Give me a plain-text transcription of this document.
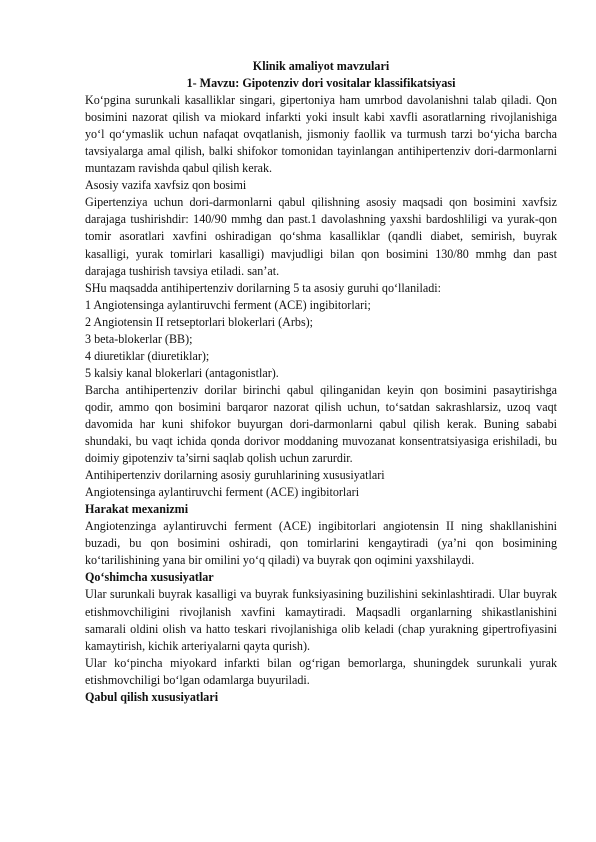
Klinik amaliyot mavzulari

1- Mavzu: Gipotenziv dori vositalar klassifikatsiyasi

Ko‘pgina surunkali kasalliklar singari, gipertoniya ham umrbod davolanishni talab qiladi. Qon bosimini nazorat qilish va miokard infarkti yoki insult kabi xavfli asoratlarning rivojlanishiga yo‘l qo‘ymaslik uchun nafaqat ovqatlanish, jismoniy faollik va turmush tarzi bo‘yicha barcha tavsiyalarga amal qilish, balki shifokor tomonidan tayinlangan antihipertenziv dori-darmonlarni muntazam ravishda qabul qilish kerak.

Asosiy vazifa xavfsiz qon bosimi

Gipertenziya uchun dori-darmonlarni qabul qilishning asosiy maqsadi qon bosimini xavfsiz darajaga tushirishdir: 140/90 mmhg dan past.1 davolashning yaxshi bardoshliligi va yurak-qon tomir asoratlari xavfini oshiradigan qo‘shma kasalliklar (qandli diabet, semirish, buyrak kasalligi, yurak tomirlari kasalligi) mavjudligi bilan qon bosimini 130/80 mmhg dan past darajaga tushirish tavsiya etiladi. san’at.

SHu maqsadda antihipertenziv dorilarning 5 ta asosiy guruhi qo‘llaniladi:

1 Angiotensinga aylantiruvchi ferment (ACE) ingibitorlari;

2 Angiotensin II retseptorlari blokerlari (Arbs);

3 beta-blokerlar (BB);

4 diuretiklar (diuretiklar);

5 kalsiy kanal blokerlari (antagonistlar).

Barcha antihipertenziv dorilar birinchi qabul qilinganidan keyin qon bosimini pasaytirishga qodir, ammo qon bosimini barqaror nazorat qilish uchun, to‘satdan sakrashlarsiz, uzoq vaqt davomida har kuni shifokor buyurgan dori-darmonlarni qabul qilish kerak. Buning sababi shundaki, bu vaqt ichida qonda dorivor moddaning muvozanat konsentratsiyasiga erishiladi, bu doimiy gipotenziv ta’sirni saqlab qolish uchun zarurdir.

Antihipertenziv dorilarning asosiy guruhlarining xususiyatlari

Angiotensinga aylantiruvchi ferment (ACE) ingibitorlari

Harakat mexanizmi

Angiotenzinga aylantiruvchi ferment (ACE) ingibitorlari angiotensin II ning shakllanishini buzadi, bu qon bosimini oshiradi, qon tomirlarini kengaytiradi (ya’ni qon bosimining ko‘tarilishining yana bir omilini yo‘q qiladi) va buyrak qon oqimini yaxshilaydi.

Qo‘shimcha xususiyatlar

Ular surunkali buyrak kasalligi va buyrak funksiyasining buzilishini sekinlashtiradi. Ular buyrak etishmovchiligini rivojlanish xavfini kamaytiradi. Maqsadli organlarning shikastlanishini samarali oldini olish va hatto teskari rivojlanishiga olib keladi (chap yurakning gipertrofiyasini kamaytirish, kichik arteriyalarni qayta qurish).

Ular ko‘pincha miyokard infarkti bilan og‘rigan bemorlarga, shuningdek surunkali yurak etishmovchiligi bo‘lgan odamlarga buyuriladi.

Qabul qilish xususiyatlari
